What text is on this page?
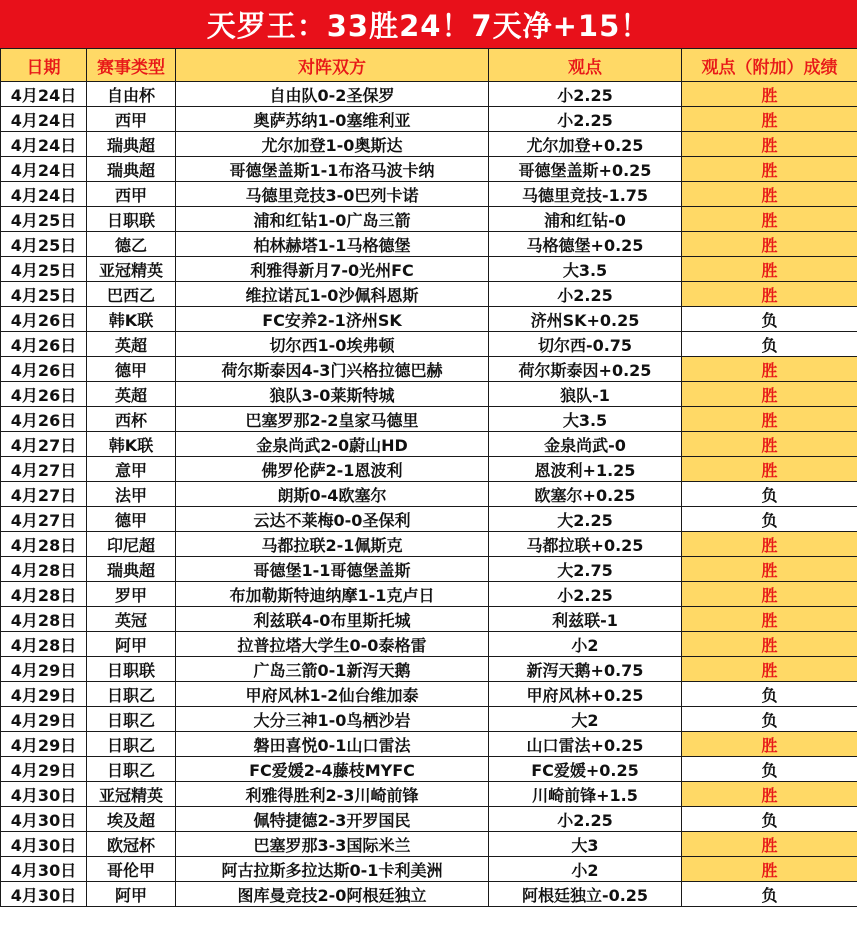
天罗王：33胜24！7天净+15！
日期	赛事类型	对阵双方	观点	观点（附加）成绩
4月24日	自由杯	自由队0-2圣保罗	小2.25	胜
4月24日	西甲	奥萨苏纳1-0塞维利亚	小2.25	胜
4月24日	瑞典超	尤尔加登1-0奥斯达	尤尔加登+0.25	胜
4月24日	瑞典超	哥德堡盖斯1-1布洛马波卡纳	哥德堡盖斯+0.25	胜
4月24日	西甲	马德里竞技3-0巴列卡诺	马德里竞技-1.75	胜
4月25日	日职联	浦和红钻1-0广岛三箭	浦和红钻-0	胜
4月25日	德乙	柏林赫塔1-1马格德堡	马格德堡+0.25	胜
4月25日	亚冠精英	利雅得新月7-0光州FC	大3.5	胜
4月25日	巴西乙	维拉诺瓦1-0沙佩科恩斯	小2.25	胜
4月26日	韩K联	FC安养2-1济州SK	济州SK+0.25	负
4月26日	英超	切尔西1-0埃弗顿	切尔西-0.75	负
4月26日	德甲	荷尔斯泰因4-3门兴格拉德巴赫	荷尔斯泰因+0.25	胜
4月26日	英超	狼队3-0莱斯特城	狼队-1	胜
4月26日	西杯	巴塞罗那2-2皇家马德里	大3.5	胜
4月27日	韩K联	金泉尚武2-0蔚山HD	金泉尚武-0	胜
4月27日	意甲	佛罗伦萨2-1恩波利	恩波利+1.25	胜
4月27日	法甲	朗斯0-4欧塞尔	欧塞尔+0.25	负
4月27日	德甲	云达不莱梅0-0圣保利	大2.25	负
4月28日	印尼超	马都拉联2-1佩斯克	马都拉联+0.25	胜
4月28日	瑞典超	哥德堡1-1哥德堡盖斯	大2.75	胜
4月28日	罗甲	布加勒斯特迪纳摩1-1克卢日	小2.25	胜
4月28日	英冠	利兹联4-0布里斯托城	利兹联-1	胜
4月28日	阿甲	拉普拉塔大学生0-0泰格雷	小2	胜
4月29日	日职联	广岛三箭0-1新泻天鹅	新泻天鹅+0.75	胜
4月29日	日职乙	甲府风林1-2仙台维加泰	甲府风林+0.25	负
4月29日	日职乙	大分三神1-0鸟栖沙岩	大2	负
4月29日	日职乙	磐田喜悦0-1山口雷法	山口雷法+0.25	胜
4月29日	日职乙	FC爱媛2-4藤枝MYFC	FC爱媛+0.25	负
4月30日	亚冠精英	利雅得胜利2-3川崎前锋	川崎前锋+1.5	胜
4月30日	埃及超	佩特捷德2-3开罗国民	小2.25	负
4月30日	欧冠杯	巴塞罗那3-3国际米兰	大3	胜
4月30日	哥伦甲	阿古拉斯多拉达斯0-1卡利美洲	小2	胜
4月30日	阿甲	图库曼竞技2-0阿根廷独立	阿根廷独立-0.25	负
